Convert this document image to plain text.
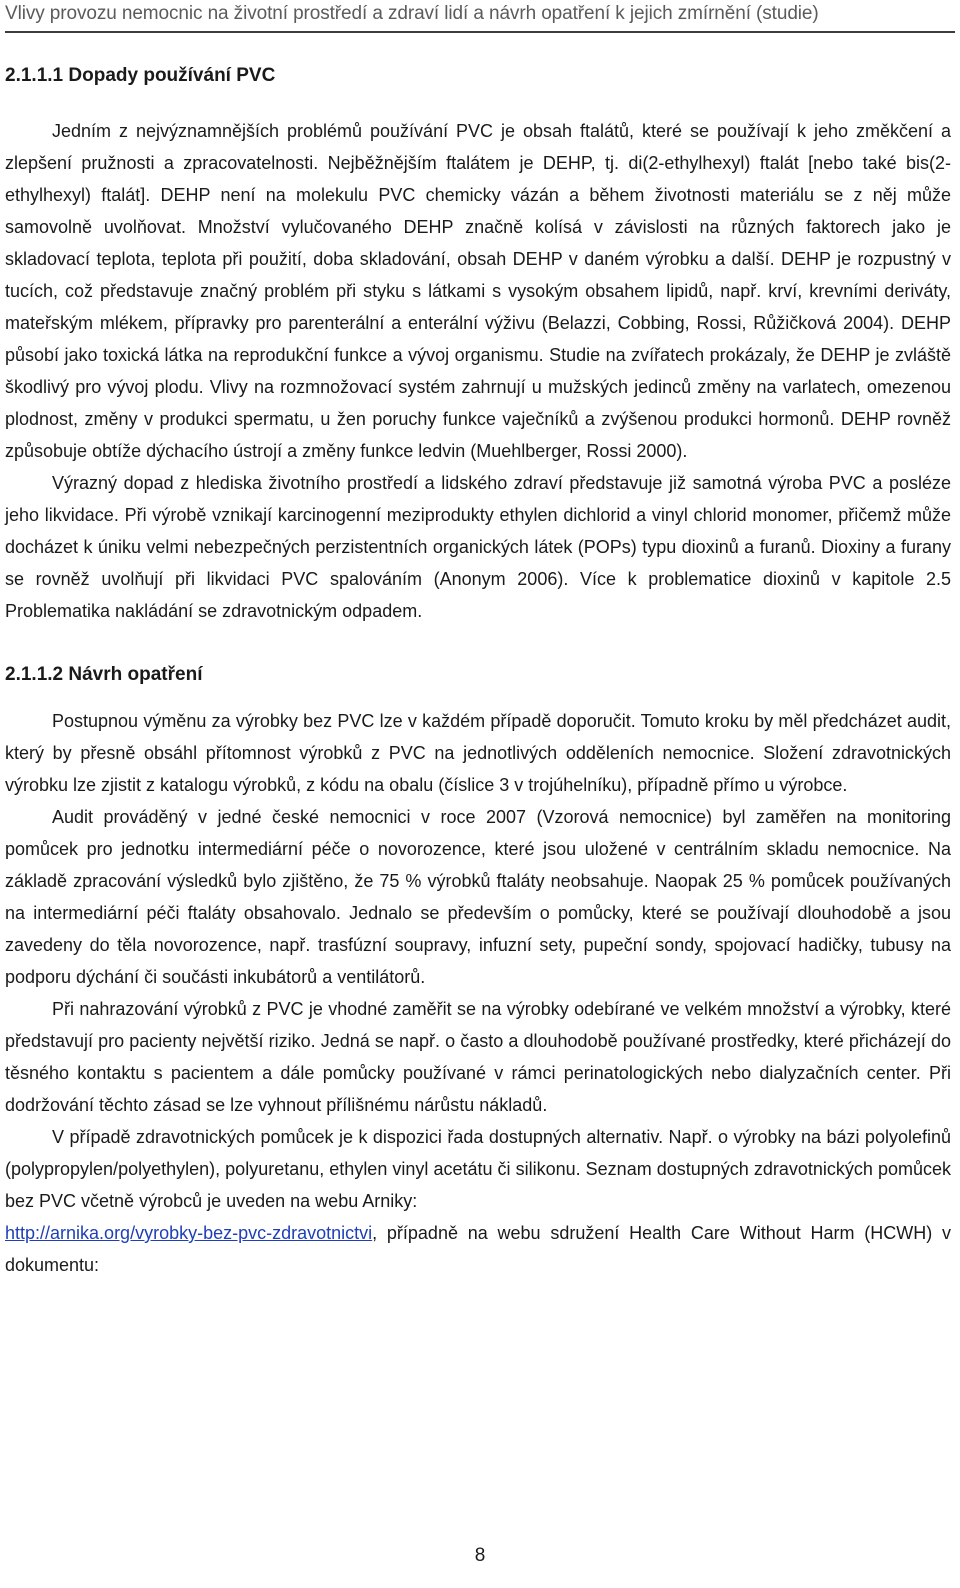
Vlivy provozu nemocnic na životní prostředí a zdraví lidí a návrh opatření k jejich zmírnění (studie)
2.1.1.1 Dopady používání PVC

Jedním z nejvýznamnějších problémů používání PVC je obsah ftalátů, které se používají k jeho změkčení a zlepšení pružnosti a zpracovatelnosti. Nejběžnějším ftalátem je DEHP, tj. di(2-ethylhexyl) ftalát [nebo také bis(2-ethylhexyl) ftalát]. DEHP není na molekulu PVC chemicky vázán a během životnosti materiálu se z něj může samovolně uvolňovat. Množství vylučovaného DEHP značně kolísá v závislosti na různých faktorech jako je skladovací teplota, teplota při použití, doba skladování, obsah DEHP v daném výrobku a další. DEHP je rozpustný v tucích, což představuje značný problém při styku s látkami s vysokým obsahem lipidů, např. krví, krevními deriváty, mateřským mlékem, přípravky pro parenterální a enterální výživu (Belazzi, Cobbing, Rossi, Růžičková 2004). DEHP působí jako toxická látka na reprodukční funkce a vývoj organismu. Studie na zvířatech prokázaly, že DEHP je zvláště škodlivý pro vývoj plodu. Vlivy na rozmnožovací systém zahrnují u mužských jedinců změny na varlatech, omezenou plodnost, změny v produkci spermatu, u žen poruchy funkce vaječníků a zvýšenou produkci hormonů. DEHP rovněž způsobuje obtíže dýchacího ústrojí a změny funkce ledvin (Muehlberger, Rossi 2000).

Výrazný dopad z hlediska životního prostředí a lidského zdraví představuje již samotná výroba PVC a posléze jeho likvidace. Při výrobě vznikají karcinogenní meziprodukty ethylen dichlorid a vinyl chlorid monomer, přičemž může docházet k úniku velmi nebezpečných perzistentních organických látek (POPs) typu dioxinů a furanů. Dioxiny a furany se rovněž uvolňují při likvidaci PVC spalováním (Anonym 2006). Více k problematice dioxinů v kapitole 2.5 Problematika nakládání se zdravotnickým odpadem.

2.1.1.2 Návrh opatření

Postupnou výměnu za výrobky bez PVC lze v každém případě doporučit. Tomuto kroku by měl předcházet audit, který by přesně obsáhl přítomnost výrobků z PVC na jednotlivých odděleních nemocnice. Složení zdravotnických výrobku lze zjistit z katalogu výrobků, z kódu na obalu (číslice 3 v trojúhelníku), případně přímo u výrobce.

Audit prováděný v jedné české nemocnici v roce 2007 (Vzorová nemocnice) byl zaměřen na monitoring pomůcek pro jednotku intermediární péče o novorozence, které jsou uložené v centrálním skladu nemocnice. Na základě zpracování výsledků bylo zjištěno, že 75 % výrobků ftaláty neobsahuje. Naopak 25 % pomůcek používaných na intermediární péči ftaláty obsahovalo. Jednalo se především o pomůcky, které se používají dlouhodobě a jsou zavedeny do těla novorozence, např. trasfúzní soupravy, infuzní sety, pupeční sondy, spojovací hadičky, tubusy na podporu dýchání či součásti inkubátorů a ventilátorů.

Při nahrazování výrobků z PVC je vhodné zaměřit se na výrobky odebírané ve velkém množství a výrobky, které představují pro pacienty největší riziko. Jedná se např. o často a dlouhodobě používané prostředky, které přicházejí do těsného kontaktu s pacientem a dále pomůcky používané v rámci perinatologických nebo dialyzačních center. Při dodržování těchto zásad se lze vyhnout přílišnému nárůstu nákladů.

V případě zdravotnických pomůcek je k dispozici řada dostupných alternativ. Např. o výrobky na bázi polyolefinů (polypropylen/polyethylen), polyuretanu, ethylen vinyl acetátu či silikonu. Seznam dostupných zdravotnických pomůcek bez PVC včetně výrobců je uveden na webu Arniky:

http://arnika.org/vyrobky-bez-pvc-zdravotnictvi, případně na webu sdružení Health Care Without Harm (HCWH) v dokumentu:

8
